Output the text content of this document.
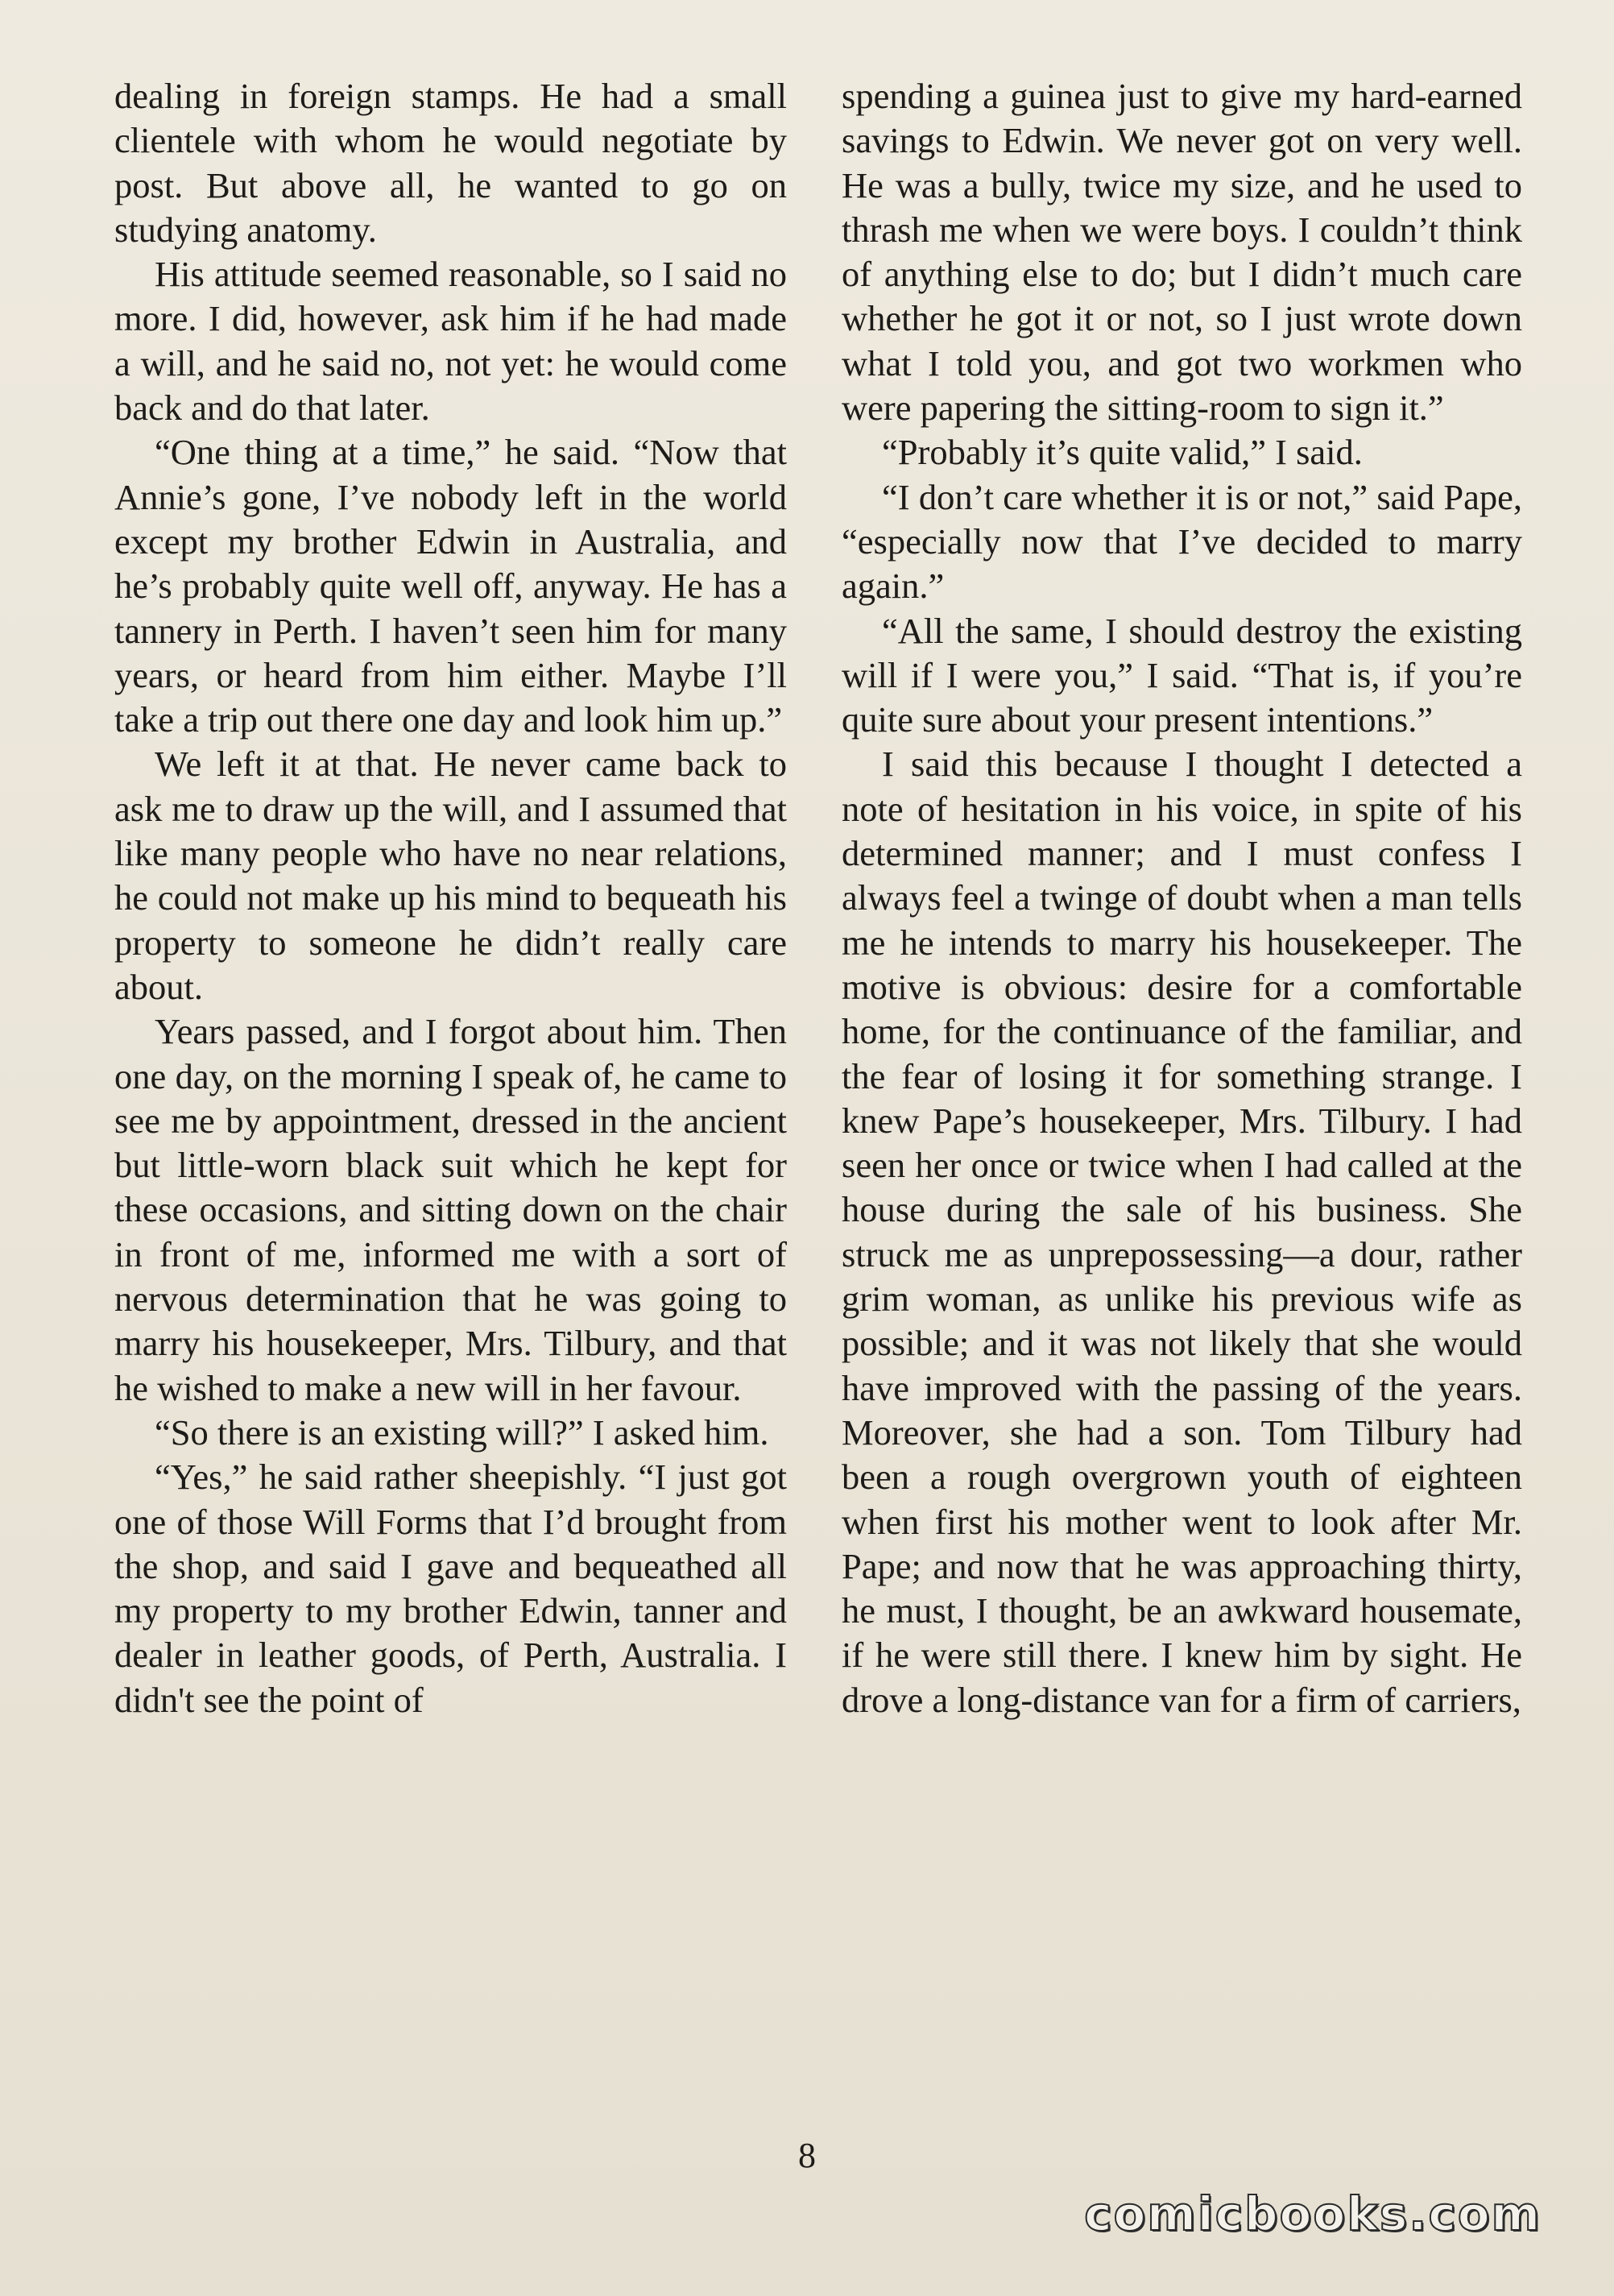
dealing in foreign stamps. He had a small clientele with whom he would negotiate by post. But above all, he wanted to go on studying anatomy.

His attitude seemed reasonable, so I said no more. I did, however, ask him if he had made a will, and he said no, not yet: he would come back and do that later.

“One thing at a time,” he said. “Now that Annie’s gone, I’ve nobody left in the world except my brother Edwin in Australia, and he’s probably quite well off, anyway. He has a tannery in Perth. I haven’t seen him for many years, or heard from him either. Maybe I’ll take a trip out there one day and look him up.”

We left it at that. He never came back to ask me to draw up the will, and I assumed that like many people who have no near relations, he could not make up his mind to bequeath his property to someone he didn’t really care about.

Years passed, and I forgot about him. Then one day, on the morning I speak of, he came to see me by appointment, dressed in the ancient but little-worn black suit which he kept for these occasions, and sitting down on the chair in front of me, informed me with a sort of nervous determination that he was going to marry his housekeeper, Mrs. Tilbury, and that he wished to make a new will in her favour.

“So there is an existing will?” I asked him.

“Yes,” he said rather sheepishly. “I just got one of those Will Forms that I’d brought from the shop, and said I gave and bequeathed all my property to my brother Edwin, tanner and dealer in leather goods, of Perth, Australia. I didn't see the point of

spending a guinea just to give my hard-earned savings to Edwin. We never got on very well. He was a bully, twice my size, and he used to thrash me when we were boys. I couldn’t think of anything else to do; but I didn’t much care whether he got it or not, so I just wrote down what I told you, and got two workmen who were papering the sitting-room to sign it.”

“Probably it’s quite valid,” I said.

“I don’t care whether it is or not,” said Pape, “especially now that I’ve decided to marry again.”

“All the same, I should destroy the existing will if I were you,” I said. “That is, if you’re quite sure about your present intentions.”

I said this because I thought I detected a note of hesitation in his voice, in spite of his determined manner; and I must confess I always feel a twinge of doubt when a man tells me he intends to marry his housekeeper. The motive is obvious: desire for a comfortable home, for the continuance of the familiar, and the fear of losing it for something strange. I knew Pape’s housekeeper, Mrs. Tilbury. I had seen her once or twice when I had called at the house during the sale of his business. She struck me as unprepossessing—a dour, rather grim woman, as unlike his previous wife as possible; and it was not likely that she would have improved with the passing of the years. Moreover, she had a son. Tom Tilbury had been a rough overgrown youth of eighteen when first his mother went to look after Mr. Pape; and now that he was approaching thirty, he must, I thought, be an awkward housemate, if he were still there. I knew him by sight. He drove a long-distance van for a firm of carriers,

8
comicbooks.com
